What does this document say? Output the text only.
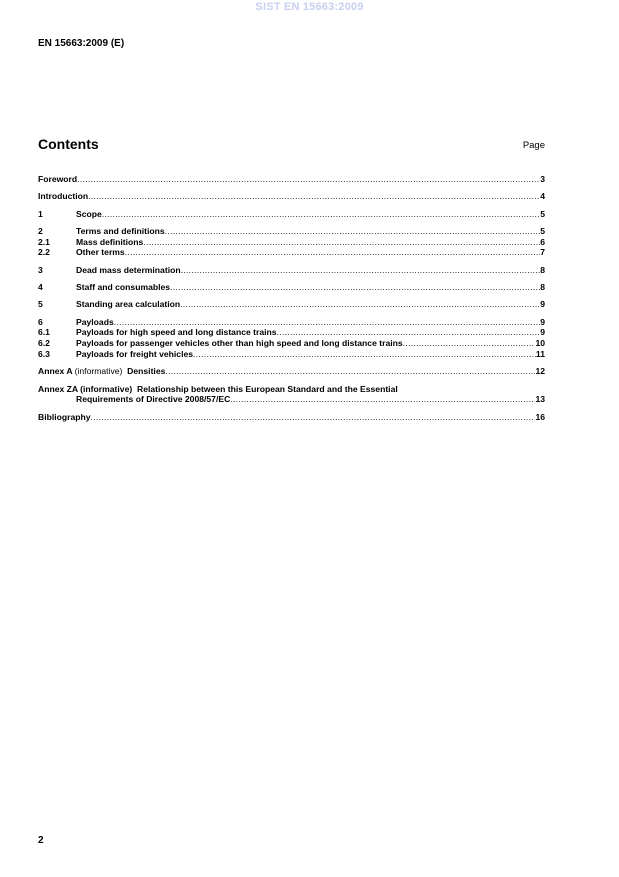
SIST EN 15663:2009
EN 15663:2009 (E)
Contents	Page
Foreword .....	3
Introduction .....	4
1	Scope .....	5
2	Terms and definitions .....	5
2.1	Mass definitions .....	6
2.2	Other terms .....	7
3	Dead mass determination .....	8
4	Staff and consumables .....	8
5	Standing area calculation .....	9
6	Payloads .....	9
6.1	Payloads for high speed and long distance trains .....	9
6.2	Payloads for passenger vehicles other than high speed and long distance trains .....	10
6.3	Payloads for freight vehicles .....	11
Annex A (informative) Densities .....	12
Annex ZA (informative) Relationship between this European Standard and the Essential
Requirements of Directive 2008/57/EC .....	13
Bibliography .....	16
2
